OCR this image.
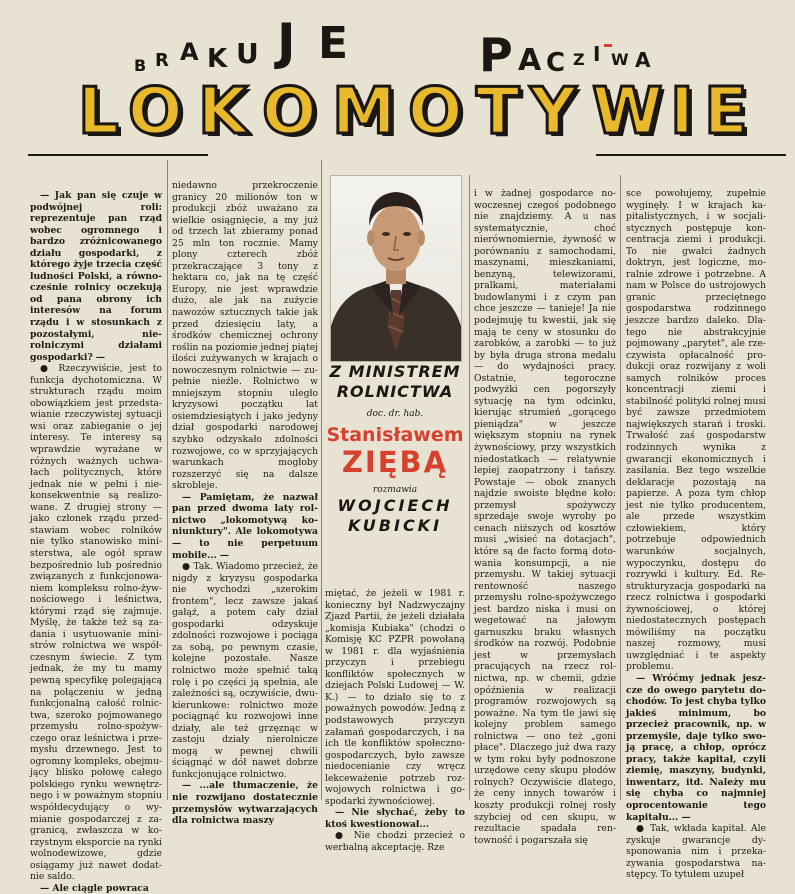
B R A K U J E	P A C Z I W A
L O K O M O T Y W I E

— Jak pan się czuje w podwójnej roli: reprezentuje pan rząd wobec ogromnego i bardzo zróżnicowanego działu gospodarki, z którego żyje trzecia część ludności Polski, a równocześnie rolnicy oczekują od pana obrony ich interesów na forum rządu i w stosunkach z pozostałymi, nierolniczymi działami gospodarki? —

● Rzeczywiście, jest to funkcja dychotomiczna. W strukturach rządu moim obowiązkiem jest przedstawianie rzeczywistej sytuacji wsi oraz zabieganie o jej interesy. Te interesy są wprawdzie wyrażane w różnych ważnych uchwałach politycznych, które jednak nie w pełni i niekonsekwentnie są realizowane. Z drugiej strony — jako członek rządu przedstawiam wobec rolników nie tylko stanowisko ministerstwa, ale ogół spraw bezpośrednio lub pośrednio związanych z funkcjonowaniem kompleksu rolno-żywnościowego i leśnictwa, którymi rząd się zajmuje. Myślę, że także też są zadania i usytuowanie ministrów rolnictwa we współczesnym świecie. Z tym jednak, że my tu mamy pewną specyfikę polegającą na połączeniu w jedną funkcjonalną całość rolnictwa, szeroko pojmowanego przemysłu rolno-spożywczego oraz leśnictwa i przemysłu drzewnego. Jest to ogromny kompleks, obejmujący blisko połowę całego polskiego rynku wewnętrznego i w poważnym stopniu współdecydujący o wymianie gospodarczej z zagranicą, zwłaszcza w korzystnym eksporcie na rynki wolnodewizowe, gdzie osiągamy już nawet dodatnie saldo.

— Ale ciągle powraca

niedawno przekroczenie granicy 20 milionów ton w produkcji zbóż uważano za wielkie osiągnięcie, a my już od trzech lat zbieramy ponad 25 mln ton rocznie. Mamy plony czterech zbóż przekraczające 3 tony z hektara co, jak na tę część Europy, nie jest wprawdzie dużo, ale jak na zużycie nawozów sztucznych takie jak przed dziesięciu laty, a środków chemicznej ochrony roślin na poziomie jednej piątej ilości zużywanych w krajach o nowoczesnym rolnictwie — zupełnie nieźle. Rolnictwo w mniejszym stopniu uległo kryzysowi początku lat osiemdziesiątych i jako jedyny dział gospodarki narodowej szybko odzyskało zdolności rozwojowe, co w sprzyjających warunkach mogłoby rozszerzyć się na dalsze skrobleje.

— Pamiętam, że nazwał pan przed dwoma laty rolnictwo „lokomotywą koniunktury". Ale lokomotywa — to nie perpetuum mobile... —

● Tak. Wiadomo przecież, że nigdy z kryzysu gospodarka nie wychodzi „szerokim frontem", lecz zawsze jakaś gałąź, a potem cały dział gospodarki odzyskuje zdolności rozwojowe i pociąga za sobą, po pewnym czasie, kolejne pozostałe. Nasze rolnictwo może spełnić taką rolę i po części ją spełnia, ale zależności są, oczywiście, dwukierunkowe: rolnictwo może pociągnąć ku rozwojowi inne działy, ale też grzęznąc w zastoju działy nierolnicze mogą w pewnej chwili ściągnąć w dół nawet dobrze funkcjonujące rolnictwo.

— ...ale tłumaczenie, że nie rozwijano dostatecznie przemysłów wytwarzających dla rolnictwa maszy

Z MINISTREM
ROLNICTWA
doc. dr. hab.
Stanisławem
ZIĘBĄ
rozmawia
WOJCIECH
KUBICKI

miętać, że jeżeli w 1981 r. konieczny był Nadzwyczajny Zjazd Partii, że jeżeli działała „komisja Kubiaka" (chodzi o Komisję KC PZPR powołaną w 1981 r. dla wyjaśnienia przyczyn i przebiegu konfliktów społecznych w dziejach Polski Ludowej — W. K.) — to działo się to z poważnych powodów. Jedną z podstawowych przyczyn załamań gospodarczych, i na ich tle konfliktów społeczno-gospodarczych, było zawsze niedocenianie czy wręcz lekceważenie potrzeb rozwojowych rolnictwa i gospodarki żywnościowej.

— Nie słychać, żeby to ktoś kwestionował...

● Nie chodzi przecież o werbalną akceptację. Rze

i w żadnej gospodarce nowoczesnej czegoś podobnego nie znajdziemy. A u nas systematycznie, choć nierównomiernie, żywność w porównaniu z samochodami, maszynami, mieszkaniami, benzyną, telewizorami, pralkami, materiałami budowlanymi i z czym pan chce jeszcze — tanieje! Ja nie podejmuję tu kwestii, jak się mają te ceny w stosunku do zarobków, a zarobki — to już by była druga strona medalu — do wydajności pracy. Ostatnie, tegoroczne podwyżki cen pogorszyły sytuację na tym odcinku, kierując strumień „gorącego pieniądza" w jeszcze większym stopniu na rynek żywnościowy, przy wszystkich niedostatkach — relatywnie lepiej zaopatrzony i tańszy. Powstaje — obok znanych najdzie swoiste błędne koło: przemysł spożywczy sprzedaje swoje wyroby po cenach niższych od kosztów musi „wisieć na dotacjach", które są de facto formą dotowania konsumpcji, a nie przemysłu. W takiej sytuacji rentowność naszego przemysłu rolno-spożywczego jest bardzo niska i musi on wegetować na jałowym garnuszku braku własnych środków na rozwój. Podobnie jest w przemysłach pracujących na rzecz rolnictwa, np. w chemii, gdzie opóźnienia w realizacji programów rozwojowych są poważne. Na tym tle jawi się kolejny problem samego rolnictwa — ono też „goni płace". Dlaczego już dwa razy w tym roku były podnoszone urzędowe ceny skupu płodów rolnych? Oczywiście dlatego, że ceny innych towarów i koszty produkcji rolnej rosły szybciej od cen skupu, w rezultacie spadała rentowność i pogarszała się

sce powołujemy, zupełnie wyginęły. I w krajach kapitalistycznych, i w socjalistycznych postępuje koncentracja ziemi i produkcji. To nie gwałci żadnych doktryn, jest logiczne, moralnie zdrowe i potrzebne. A nam w Polsce do ustrojowych granic przeciętnego gospodarstwa rodzinnego jeszcze bardzo daleko. Dlatego nie abstrakcyjnie pojmowany „parytet", ale rzeczywista opłacalność produkcji oraz rozwijany z woli samych rolników proces koncentracji ziemi i stabilność polityki rolnej musi być zawsze przedmiotem największych starań i troski. Trwałość zaś gospodarstw rodzinnych wynika z gwarancji ekonomicznych i zasilania. Bez tego wszelkie deklaracje pozostają na papierze. A poza tym chłop jest nie tylko producentem, ale przede wszystkim człowiekiem, który potrzebuje odpowiednich warunków socjalnych, wypoczynku, dostępu do rozrywki i kultury. Ed. Restrukturyzacja gospodarki na rzecz rolnictwa i gospodarki żywnościowej, o której niedostatecznych postępach mówiliśmy na początku naszej rozmowy, musi uwzględniać i te aspekty problemu.

— Wróćmy jednak jeszcze do owego parytetu dochodów. To jest chyba tylko jakieś minimum, bo przecież pracownik, np. w przemyśle, daje tylko swoją pracę, a chłop, oprócz pracy, także kapitał, czyli ziemię, maszyny, budynki, inwentarz, itd. Należy mu się chyba co najmniej oprocentowanie tego kapitału... —

● Tak, wkłada kapitał. Ale zyskuje gwarancje dysponowania nim i przekazywania gospodarstwa następcy. To tytułem uzupeł
